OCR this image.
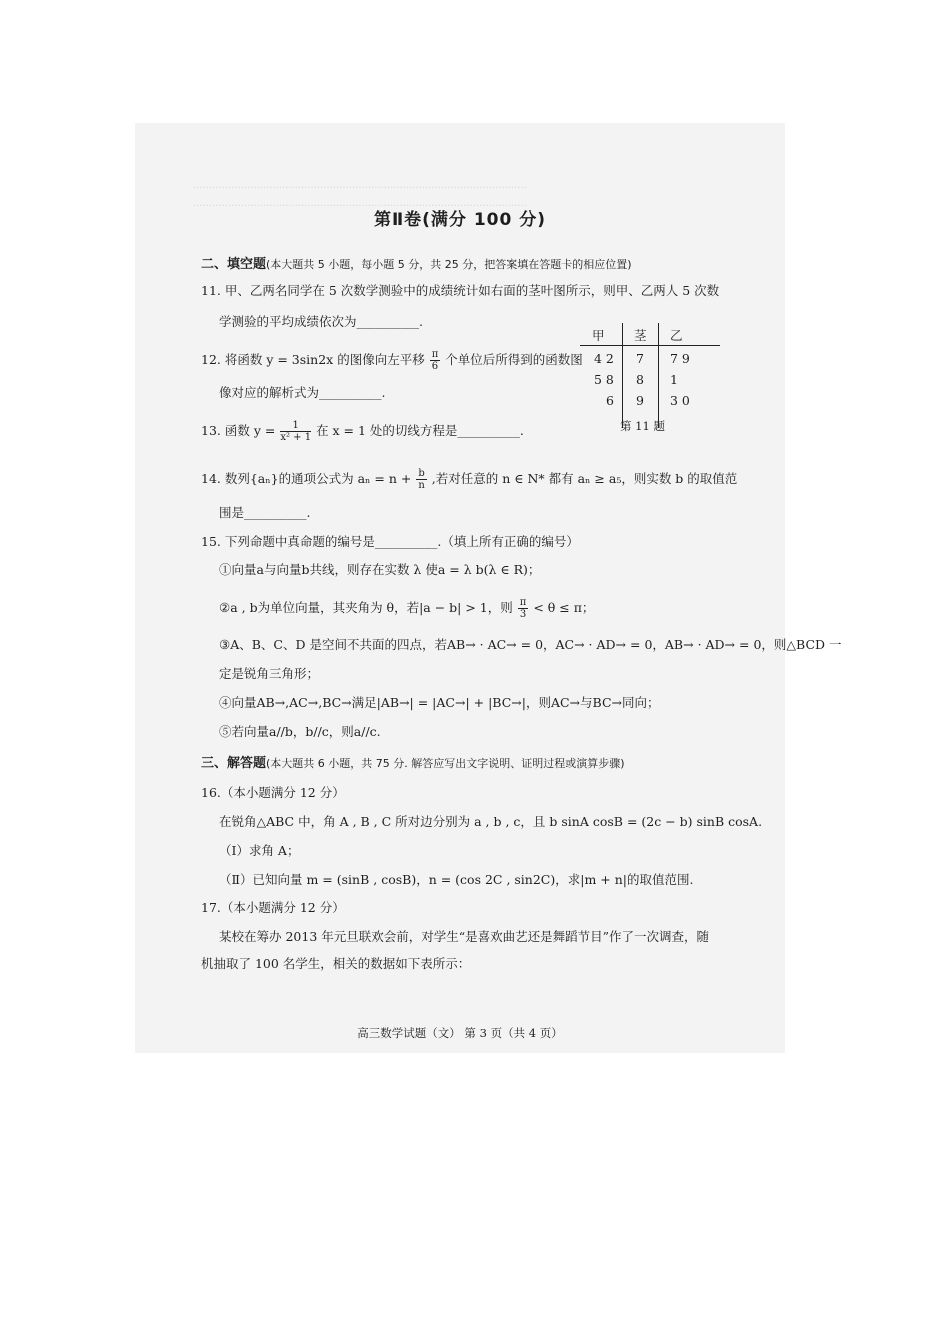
·········································································································
·········································································································
第Ⅱ卷(满分 100 分)
二、填空题(本大题共 5 小题，每小题 5 分，共 25 分，把答案填在答题卡的相应位置)
11. 甲、乙两名同学在 5 次数学测验中的成绩统计如右面的茎叶图所示，则甲、乙两人 5 次数
学测验的平均成绩依次为__________.
12. 将函数 y = 3sin2x 的图像向左平移 $\frac{\pi}{6}$ 个单位后所得到的函数图
像对应的解析式为__________.
13. 函数 $y = \frac{1}{\text{x² + 1}}$ 在 x = 1 处的切线方程是__________.
14. 数列{aₙ}的通项公式为 $a_n = n + \frac{b}{n}$ ,若对任意的 n ∈ N* 都有 aₙ ≥ a₅，则实数 b 的取值范
围是__________.
15. 下列命题中真命题的编号是__________.（填上所有正确的编号）
①向量a与向量b共线，则存在实数 λ 使a = λ b(λ ∈ R)；
②a , b为单位向量，其夹角为 θ，若|a − b| > 1，则 $\frac{\pi}{3} < \theta \le \pi$；
③A、B、C、D 是空间不共面的四点，若AB→ · AC→ = 0，AC→ · AD→ = 0，AB→ · AD→ = 0，则△BCD 一
定是锐角三角形；
④向量AB→,AC→,BC→满足|AB→| = |AC→| + |BC→|，则AC→与BC→同向；
⑤若向量a//b，b//c，则a//c.
三、解答题(本大题共 6 小题，共 75 分. 解答应写出文字说明、证明过程或演算步骤)
16.（本小题满分 12 分）
在锐角△ABC 中，角 A , B , C 所对边分别为 a , b , c，且 b sinA cosB = (2c − b) sinB cosA.
（Ⅰ）求角 A；
（Ⅱ）已知向量 m = (sinB , cosB)，n = (cos 2C , sin2C)，求|m + n|的取值范围.
17.（本小题满分 12 分）
某校在筹办 2013 年元旦联欢会前，对学生“是喜欢曲艺还是舞蹈节目”作了一次调查，随
机抽取了 100 名学生，相关的数据如下表所示：
高三数学试题（文） 第 3 页（共 4 页）
甲 茎 乙
4 2 7 7 9
5 8 8 1
6 9 3 0
第 11 题
